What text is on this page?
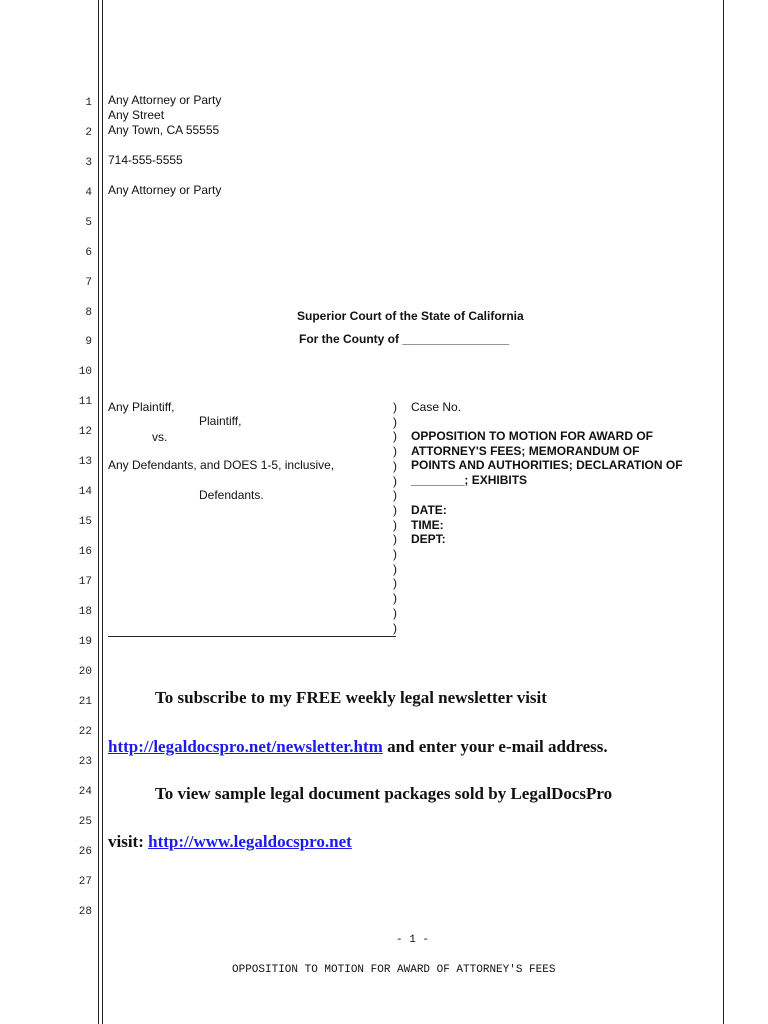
1
2
3
4
5
6
7
8
9
10
11
12
13
14
15
16
17
18
19
20
21
22
23
24
25
26
27
28
Any Attorney or Party
Any Street
Any Town, CA 55555
714-555-5555
Any Attorney or Party
Superior Court of the State of California
For the County of ________________
Any Plaintiff,
Plaintiff,
vs.
Any Defendants, and DOES 1-5, inclusive,
Defendants.
)
)
)
)
)
)
)
)
)
)
)
)
)
)
)
)
Case No.
OPPOSITION TO MOTION FOR AWARD OF
ATTORNEY'S FEES; MEMORANDUM OF
POINTS AND AUTHORITIES; DECLARATION OF
________; EXHIBITS
DATE:
TIME:
DEPT:
To subscribe to my FREE weekly legal newsletter visit
http://legaldocspro.net/newsletter.htm and enter your e-mail address.
To view sample legal document packages sold by LegalDocsPro
visit: http://www.legaldocspro.net
- 1 -
OPPOSITION TO MOTION FOR AWARD OF ATTORNEY'S FEES
